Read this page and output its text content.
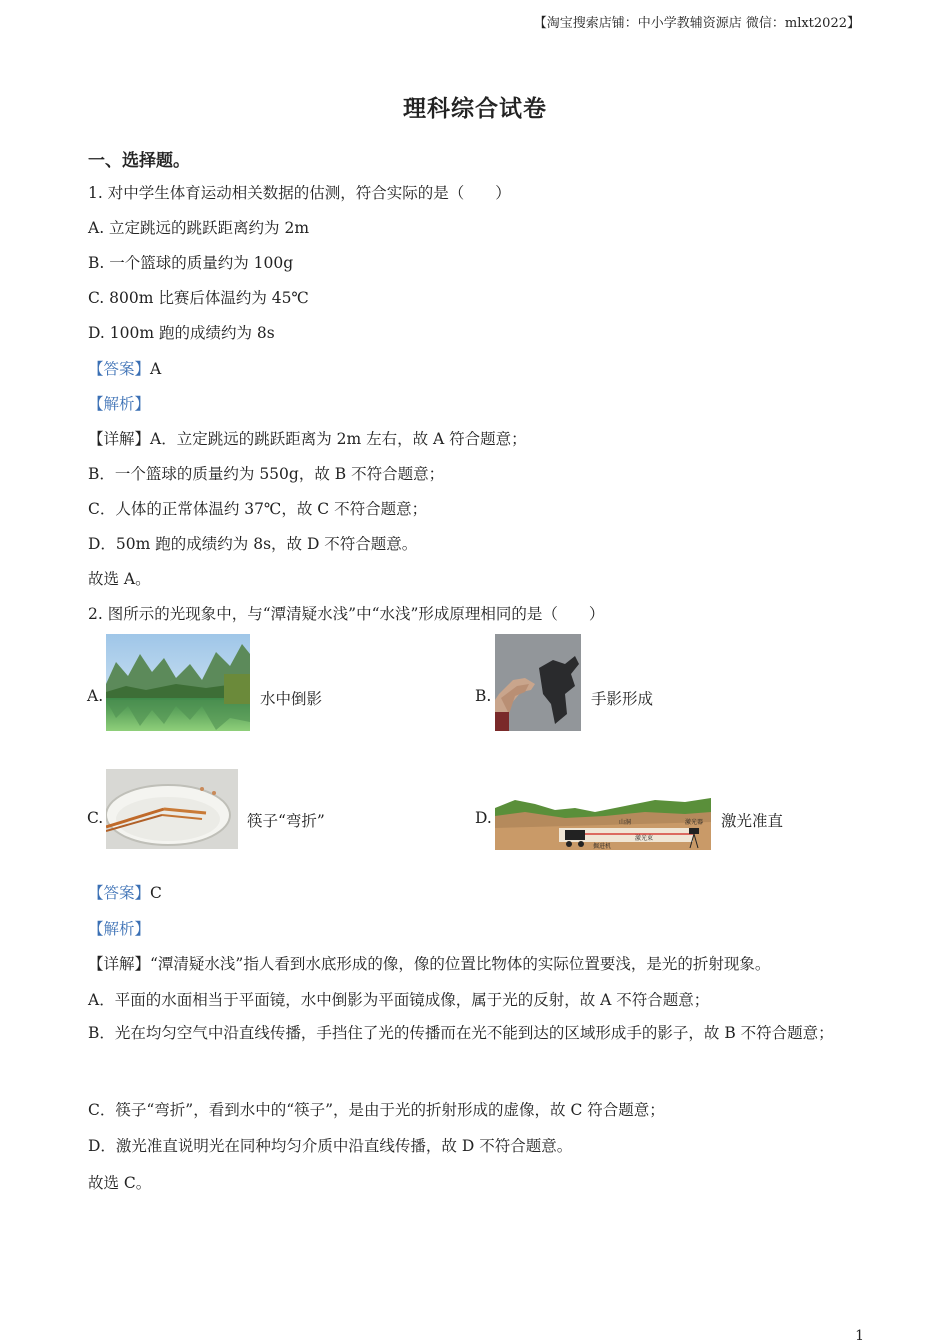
【淘宝搜索店铺：中小学教辅资源店 微信：mlxt2022】
理科综合试卷
一、选择题。
1. 对中学生体育运动相关数据的估测，符合实际的是（　　）
A. 立定跳远的跳跃距离约为 2m
B. 一个篮球的质量约为 100g
C. 800m 比赛后体温约为 45℃
D. 100m 跑的成绩约为 8s
【答案】A
【解析】
【详解】A．立定跳远的跳跃距离为 2m 左右，故 A 符合题意；
B．一个篮球的质量约为 550g，故 B 不符合题意；
C．人体的正常体温约 37℃，故 C 不符合题意；
D．50m 跑的成绩约为 8s，故 D 不符合题意。
故选 A。
2. 图所示的光现象中，与“潭清疑水浅”中“水浅”形成原理相同的是（　　）
A.	水中倒影	B.	手影形成
C.	筷子“弯折”	D.	山洞
激光束
掘进机
激光器 激光准直
【答案】C
【解析】
【详解】“潭清疑水浅”指人看到水底形成的像，像的位置比物体的实际位置要浅，是光的折射现象。
A．平面的水面相当于平面镜，水中倒影为平面镜成像，属于光的反射，故 A 不符合题意；
B．光在均匀空气中沿直线传播，手挡住了光的传播而在光不能到达的区域形成手的影子，故 B 不符合题意；
C．筷子“弯折”，看到水中的“筷子”，是由于光的折射形成的虚像，故 C 符合题意；
D．激光准直说明光在同种均匀介质中沿直线传播，故 D 不符合题意。
故选 C。
1
